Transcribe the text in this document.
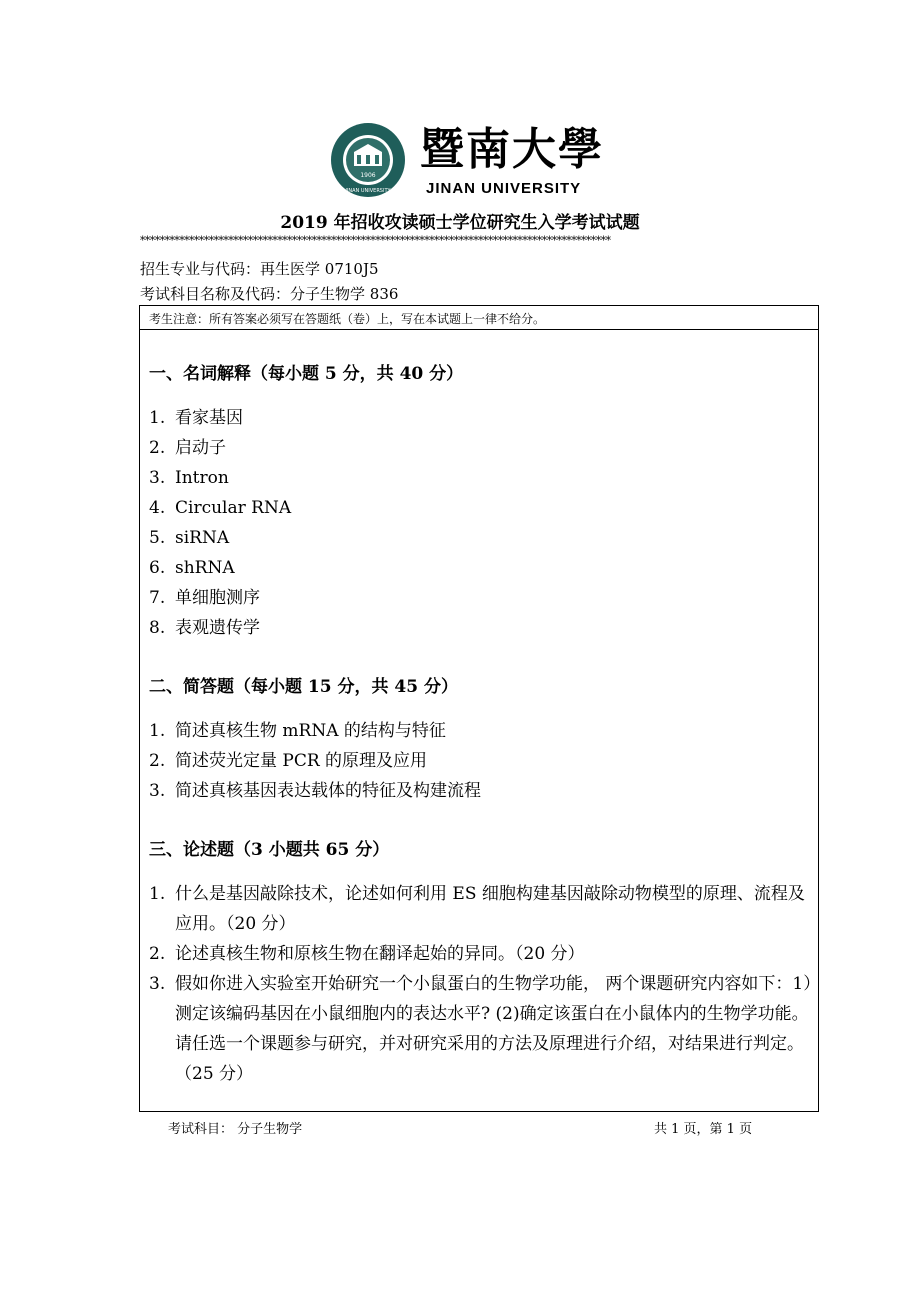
1906
JINAN UNIVERSITY
暨南大學
JINAN UNIVERSITY
2019 年招收攻读硕士学位研究生入学考试试题
************************************************************************************************
招生专业与代码：再生医学 0710J5
考试科目名称及代码：分子生物学 836
考生注意：所有答案必须写在答题纸（卷）上，写在本试题上一律不给分。
一、名词解释（每小题 5 分，共 40 分）
1. 看家基因
2. 启动子
3. Intron
4. Circular RNA
5. siRNA
6. shRNA
7. 单细胞测序
8. 表观遗传学
二、简答题（每小题 15 分，共 45 分）
1. 简述真核生物 mRNA 的结构与特征
2. 简述荧光定量 PCR 的原理及应用
3. 简述真核基因表达载体的特征及构建流程
三、论述题（3 小题共 65 分）
1. 什么是基因敲除技术，论述如何利用 ES 细胞构建基因敲除动物模型的原理、流程及应用。（20 分）
2. 论述真核生物和原核生物在翻译起始的异同。（20 分）
3. 假如你进入实验室开始研究一个小鼠蛋白的生物学功能， 两个课题研究内容如下：1）测定该编码基因在小鼠细胞内的表达水平? (2)确定该蛋白在小鼠体内的生物学功能。请任选一个课题参与研究，并对研究采用的方法及原理进行介绍，对结果进行判定。（25 分）
考试科目： 分子生物学	共 1 页，第 1 页
